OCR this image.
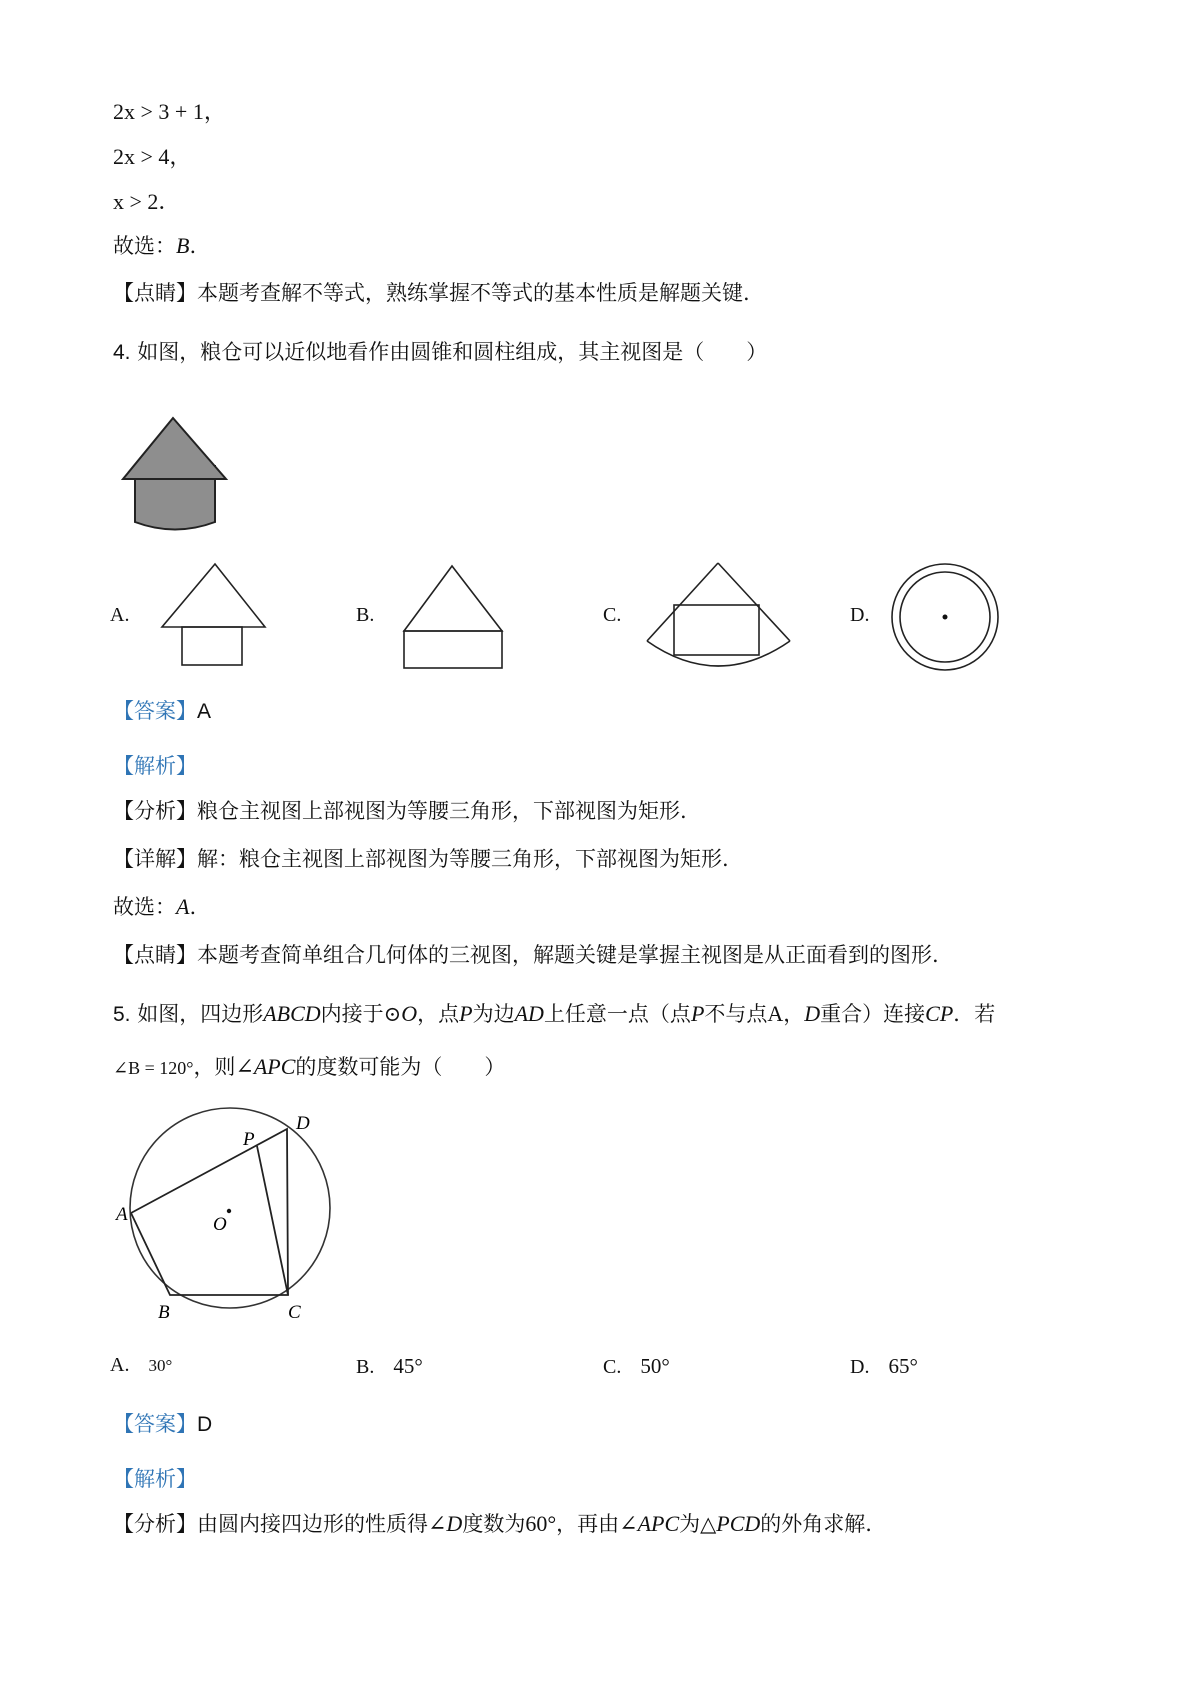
2x > 3 + 1，
2x > 4，
x > 2．
故选：B.
【点睛】本题考查解不等式，熟练掌握不等式的基本性质是解题关键.
4. 如图，粮仓可以近似地看作由圆锥和圆柱组成，其主视图是（　　）
A.	B.	C.	D.
【答案】A
【解析】
【分析】粮仓主视图上部视图为等腰三角形，下部视图为矩形.
【详解】解：粮仓主视图上部视图为等腰三角形，下部视图为矩形.
故选：A.
【点睛】本题考查简单组合几何体的三视图，解题关键是掌握主视图是从正面看到的图形.
5. 如图，四边形ABCD内接于⊙O，点P为边AD上任意一点（点P不与点A，D重合）连接CP．若
∠B = 120°，则∠APC的度数可能为（　　）
A
B	C
D
P
O
A. 30°	B. 45°	C. 50°	D. 65°
【答案】D
【解析】
【分析】由圆内接四边形的性质得∠D度数为60°，再由∠APC为△PCD的外角求解.
